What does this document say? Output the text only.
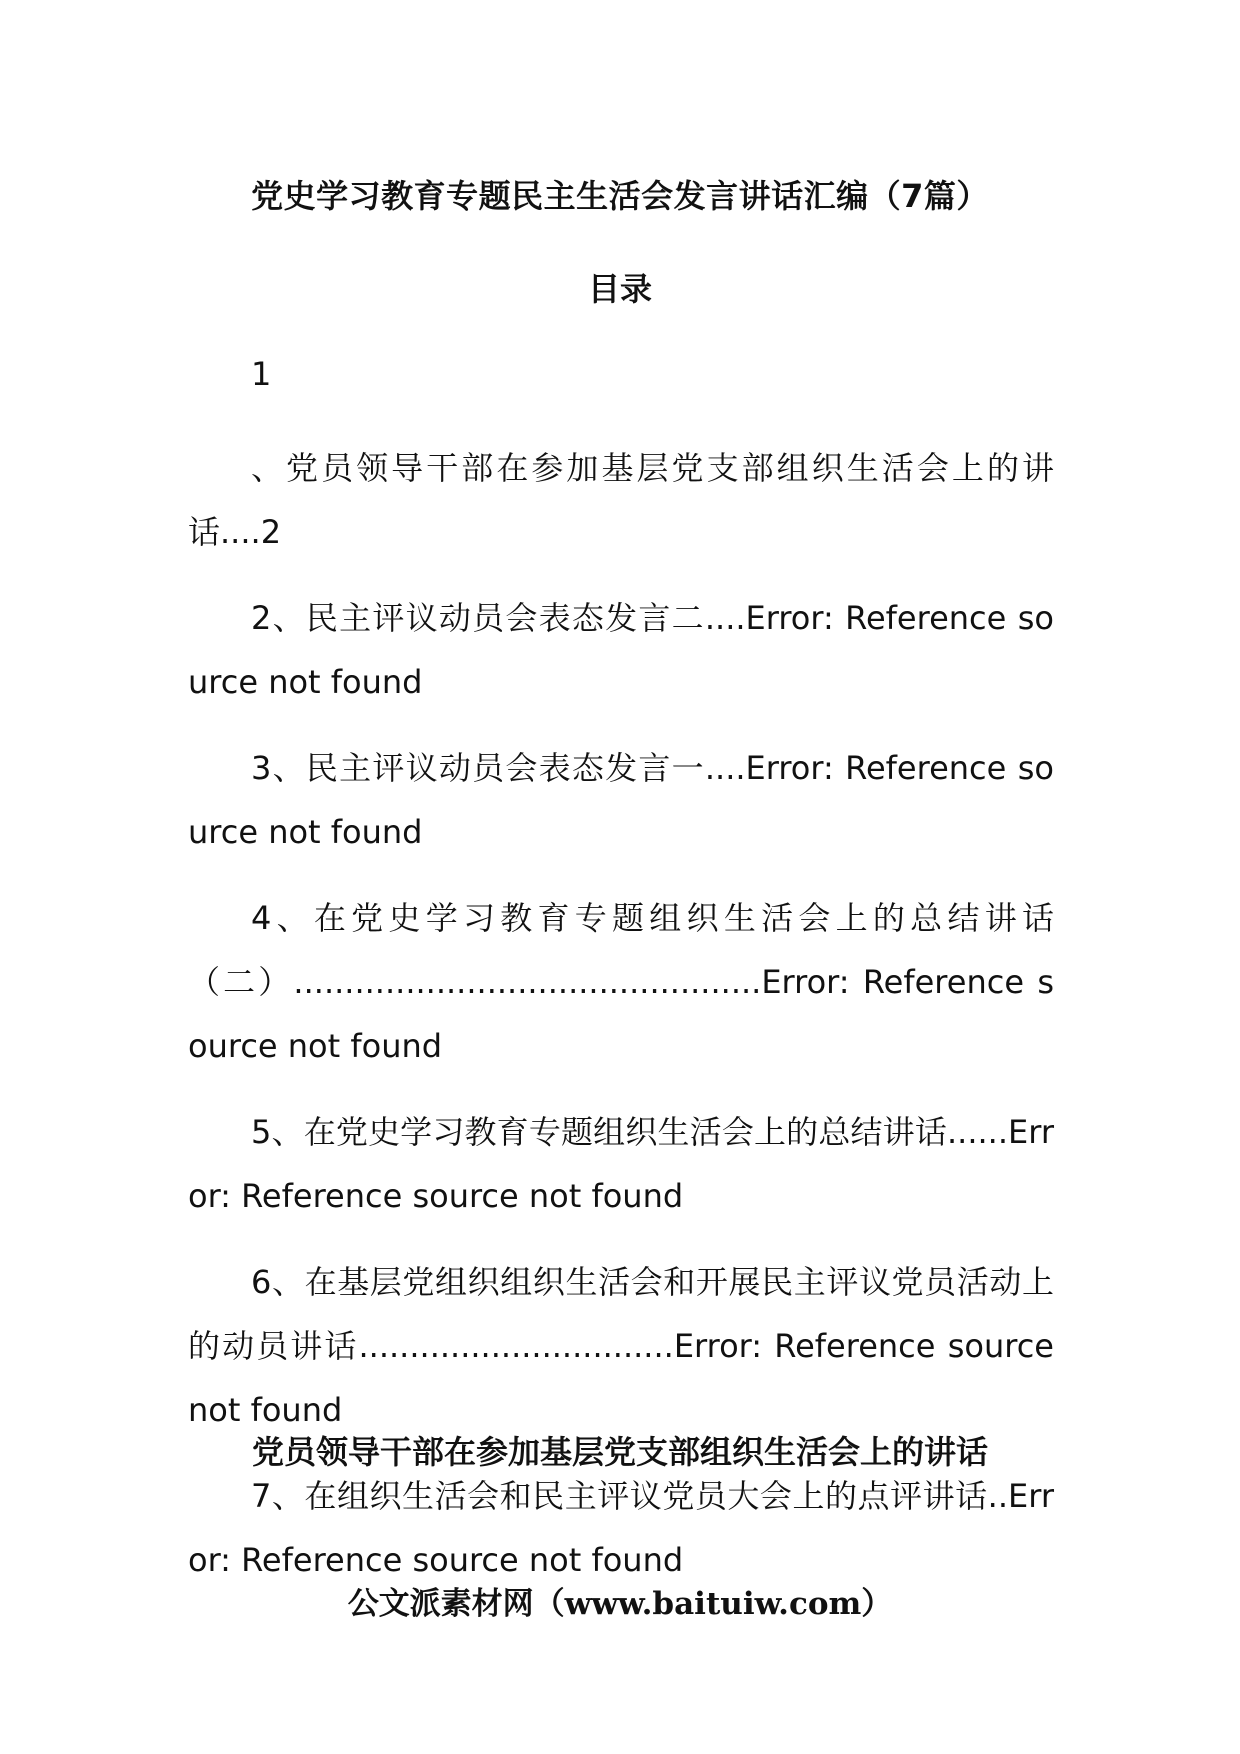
党史学习教育专题民主生活会发言讲话汇编（7篇）
目录

1

、党员领导干部在参加基层党支部组织生活会上的讲话....2

2、民主评议动员会表态发言二....Error: Reference source not found

3、民主评议动员会表态发言一....Error: Reference source not found

4、在党史学习教育专题组织生活会上的总结讲话（二）..............................................Error: Reference source not found

5、在党史学习教育专题组织生活会上的总结讲话......Error: Reference source not found

6、在基层党组织组织生活会和开展民主评议党员活动上的动员讲话...............................Error: Reference source not found

7、在组织生活会和民主评议党员大会上的点评讲话..Error: Reference source not found

党员领导干部在参加基层党支部组织生活会上的讲话
公文派素材网（www.baituiw.com）
